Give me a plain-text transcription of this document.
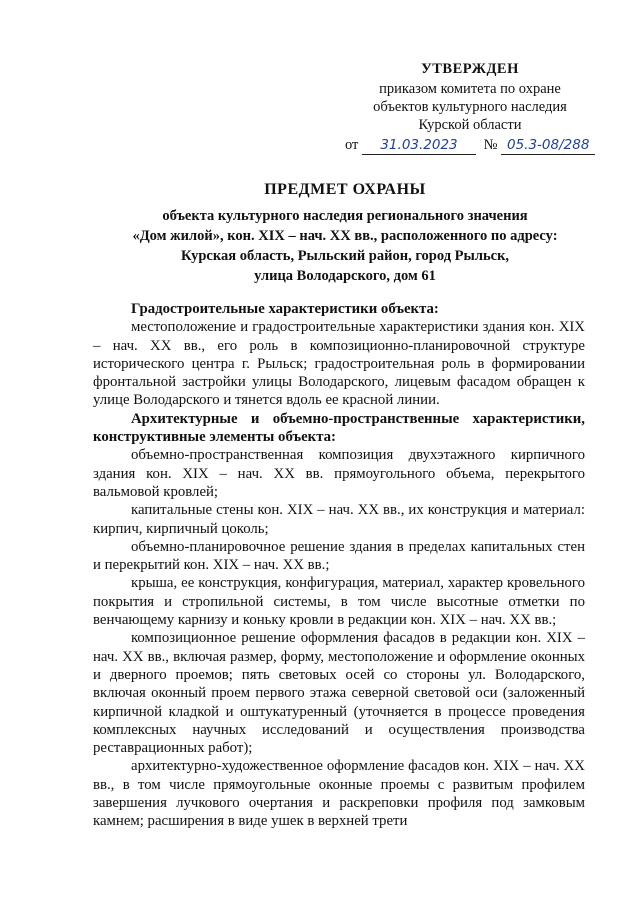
УТВЕРЖДЕН
приказом комитета по охране
объектов культурного наследия
Курской области
от	31.03.2023	№ 05.3-08/288
ПРЕДМЕТ ОХРАНЫ
объекта культурного наследия регионального значения
«Дом жилой», кон. XIX – нач. XX вв., расположенного по адресу:
Курская область, Рыльский район, город Рыльск,
улица Володарского, дом 61

Градостроительные характеристики объекта:

местоположение и градостроительные характеристики здания кон. XIX – нач. XX вв., его роль в композиционно-планировочной структуре исторического центра г. Рыльск; градостроительная роль в формировании фронтальной застройки улицы Володарского, лицевым фасадом обращен к улице Володарского и тянется вдоль ее красной линии.

Архитектурные и объемно-пространственные характеристики, конструктивные элементы объекта:

объемно-пространственная композиция двухэтажного кирпичного здания кон. XIX – нач. XX вв. прямоугольного объема, перекрытого вальмовой кровлей;

капитальные стены кон. XIX – нач. XX вв., их конструкция и материал: кирпич, кирпичный цоколь;

объемно-планировочное решение здания в пределах капитальных стен и перекрытий кон. XIX – нач. XX вв.;

крыша, ее конструкция, конфигурация, материал, характер кровельного покрытия и стропильной системы, в том числе высотные отметки по венчающему карнизу и коньку кровли в редакции кон. XIX – нач. XX вв.;

композиционное решение оформления фасадов в редакции кон. XIX – нач. XX вв., включая размер, форму, местоположение и оформление оконных и дверного проемов; пять световых осей со стороны ул. Володарского, включая оконный проем первого этажа северной световой оси (заложенный кирпичной кладкой и оштукатуренный (уточняется в процессе проведения комплексных научных исследований и осуществления производства реставрационных работ);

архитектурно-художественное оформление фасадов кон. XIX – нач. XX вв., в том числе прямоугольные оконные проемы с развитым профилем завершения лучкового очертания и раскреповки профиля под замковым камнем; расширения в виде ушек в верхней трети
